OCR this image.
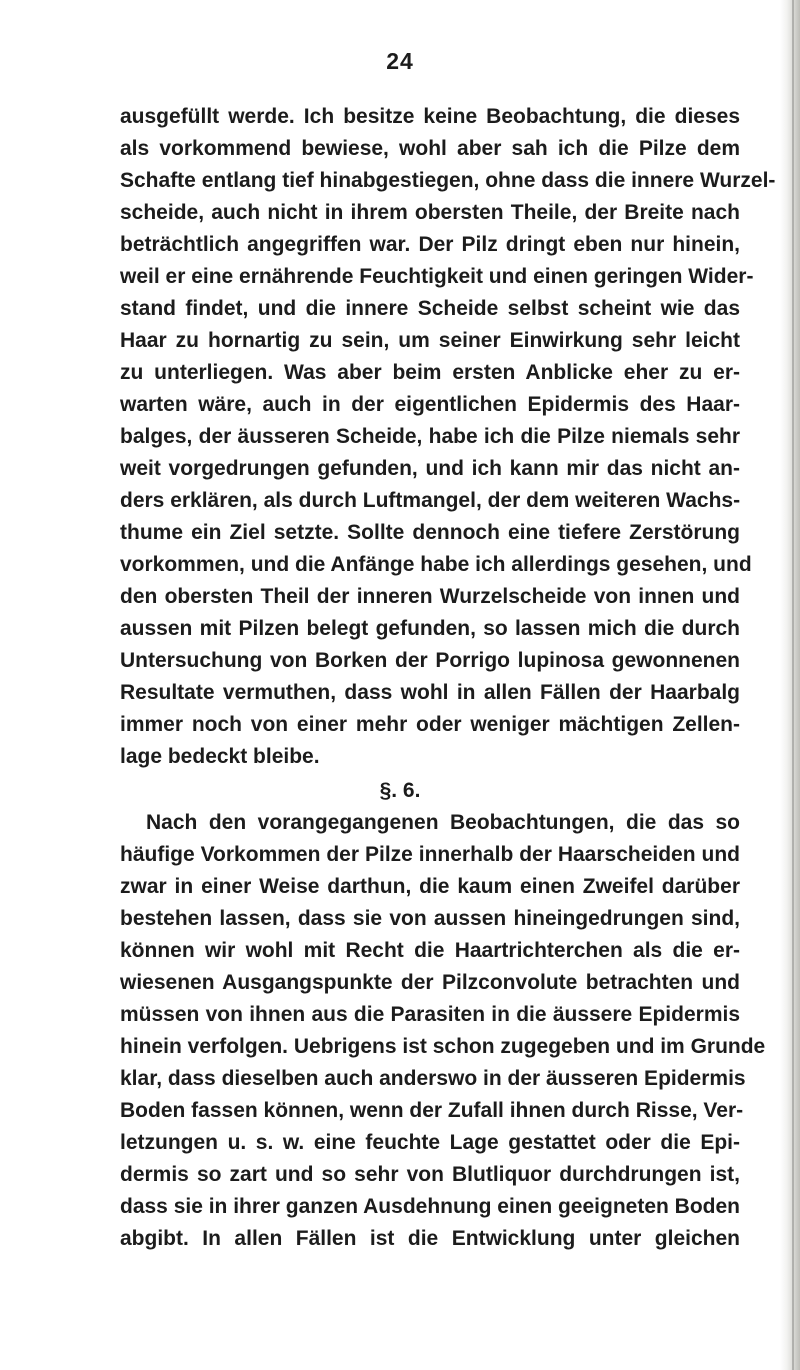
24
ausgefüllt werde. Ich besitze keine Beobachtung, die dieses
als vorkommend bewiese, wohl aber sah ich die Pilze dem
Schafte entlang tief hinabgestiegen, ohne dass die innere Wurzel-
scheide, auch nicht in ihrem obersten Theile, der Breite nach
beträchtlich angegriffen war. Der Pilz dringt eben nur hinein,
weil er eine ernährende Feuchtigkeit und einen geringen Wider-
stand findet, und die innere Scheide selbst scheint wie das
Haar zu hornartig zu sein, um seiner Einwirkung sehr leicht
zu unterliegen. Was aber beim ersten Anblicke eher zu er-
warten wäre, auch in der eigentlichen Epidermis des Haar-
balges, der äusseren Scheide, habe ich die Pilze niemals sehr
weit vorgedrungen gefunden, und ich kann mir das nicht an-
ders erklären, als durch Luftmangel, der dem weiteren Wachs-
thume ein Ziel setzte. Sollte dennoch eine tiefere Zerstörung
vorkommen, und die Anfänge habe ich allerdings gesehen, und
den obersten Theil der inneren Wurzelscheide von innen und
aussen mit Pilzen belegt gefunden, so lassen mich die durch
Untersuchung von Borken der Porrigo lupinosa gewonnenen
Resultate vermuthen, dass wohl in allen Fällen der Haarbalg
immer noch von einer mehr oder weniger mächtigen Zellen-
lage bedeckt bleibe.
§. 6.
Nach den vorangegangenen Beobachtungen, die das so
häufige Vorkommen der Pilze innerhalb der Haarscheiden und
zwar in einer Weise darthun, die kaum einen Zweifel darüber
bestehen lassen, dass sie von aussen hineingedrungen sind,
können wir wohl mit Recht die Haartrichterchen als die er-
wiesenen Ausgangspunkte der Pilzconvolute betrachten und
müssen von ihnen aus die Parasiten in die äussere Epidermis
hinein verfolgen. Uebrigens ist schon zugegeben und im Grunde
klar, dass dieselben auch anderswo in der äusseren Epidermis
Boden fassen können, wenn der Zufall ihnen durch Risse, Ver-
letzungen u. s. w. eine feuchte Lage gestattet oder die Epi-
dermis so zart und so sehr von Blutliquor durchdrungen ist,
dass sie in ihrer ganzen Ausdehnung einen geeigneten Boden
abgibt. In allen Fällen ist die Entwicklung unter gleichen
